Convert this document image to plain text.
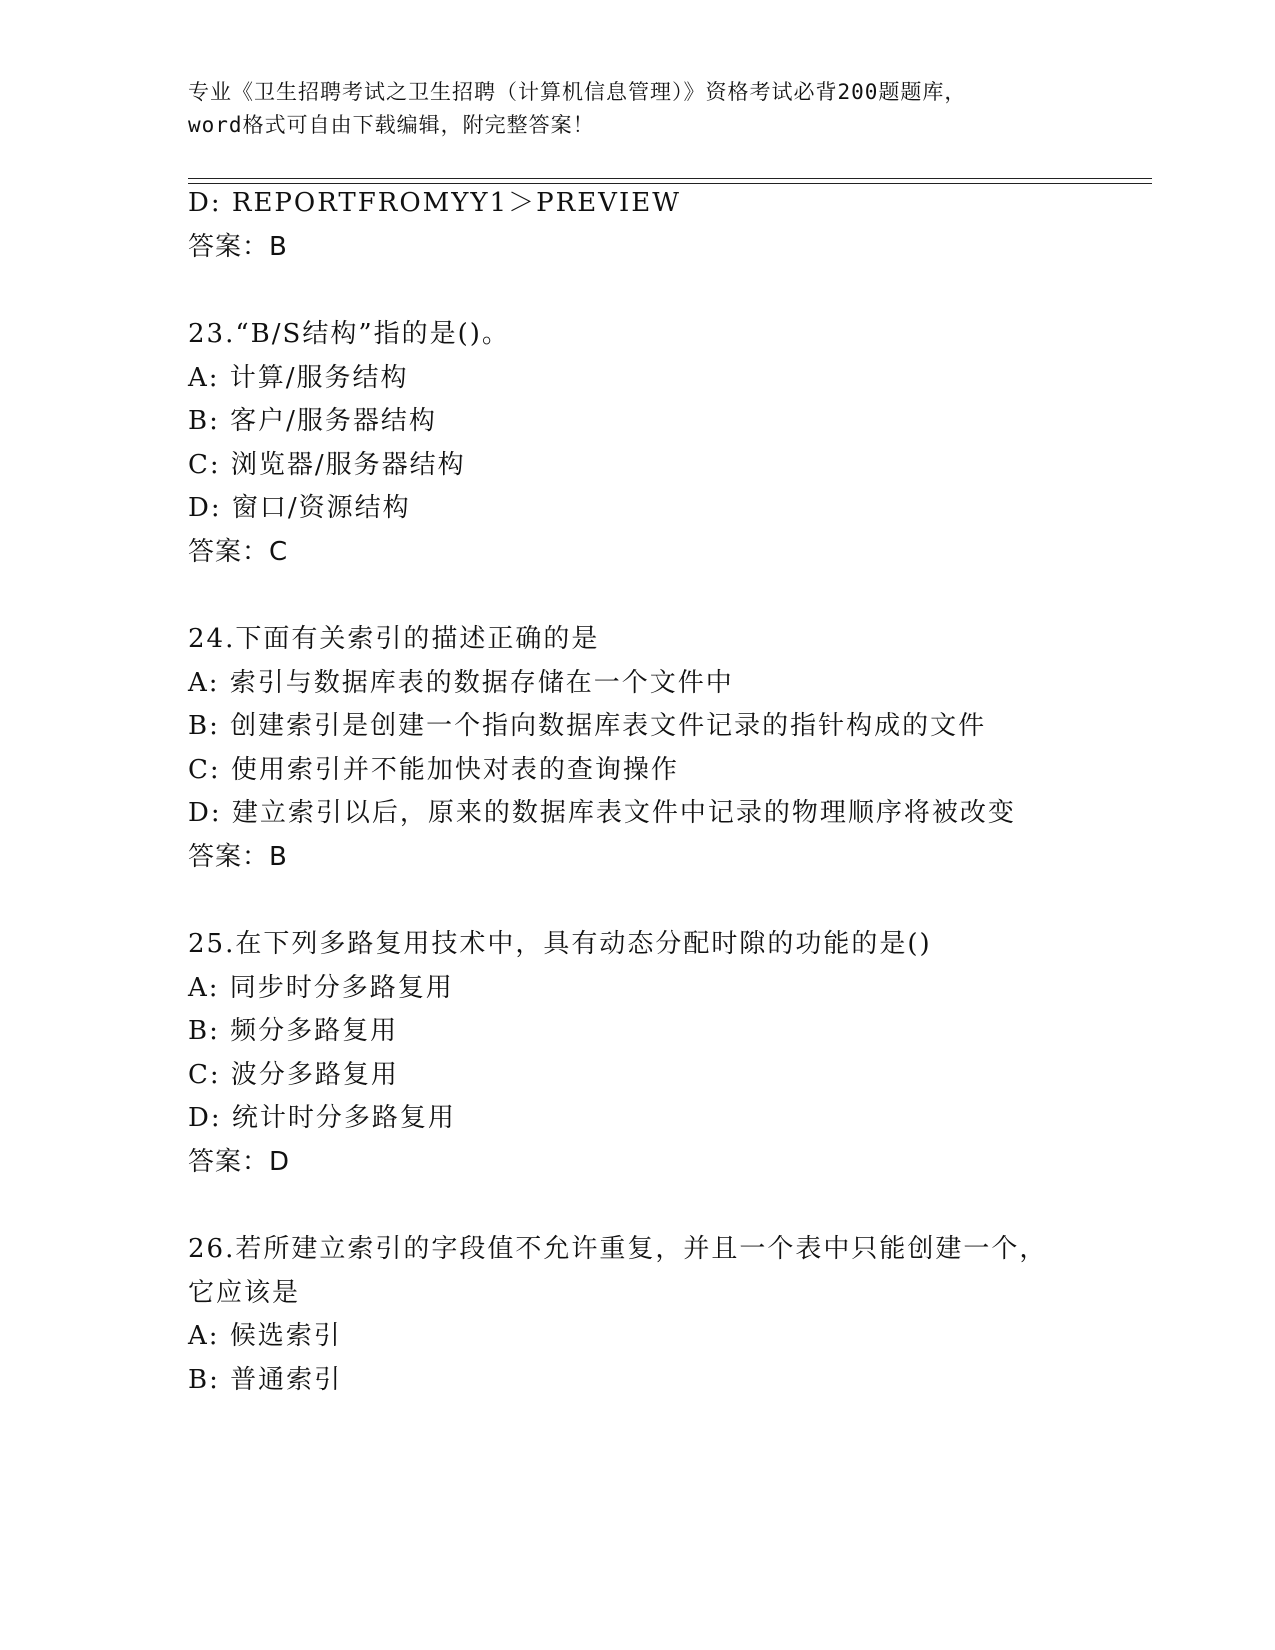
专业《卫生招聘考试之卫生招聘（计算机信息管理）》资格考试必背200题题库，
word格式可自由下载编辑，附完整答案！
D: REPORTFROMYY1＞PREVIEW
答案：B
23.“B/S结构”指的是()。
A: 计算/服务结构
B: 客户/服务器结构
C: 浏览器/服务器结构
D: 窗口/资源结构
答案：C
24.下面有关索引的描述正确的是
A: 索引与数据库表的数据存储在一个文件中
B: 创建索引是创建一个指向数据库表文件记录的指针构成的文件
C: 使用索引并不能加快对表的查询操作
D: 建立索引以后，原来的数据库表文件中记录的物理顺序将被改变
答案：B
25.在下列多路复用技术中，具有动态分配时隙的功能的是()
A: 同步时分多路复用
B: 频分多路复用
C: 波分多路复用
D: 统计时分多路复用
答案：D
26.若所建立索引的字段值不允许重复，并且一个表中只能创建一个，
它应该是
A: 候选索引
B: 普通索引
